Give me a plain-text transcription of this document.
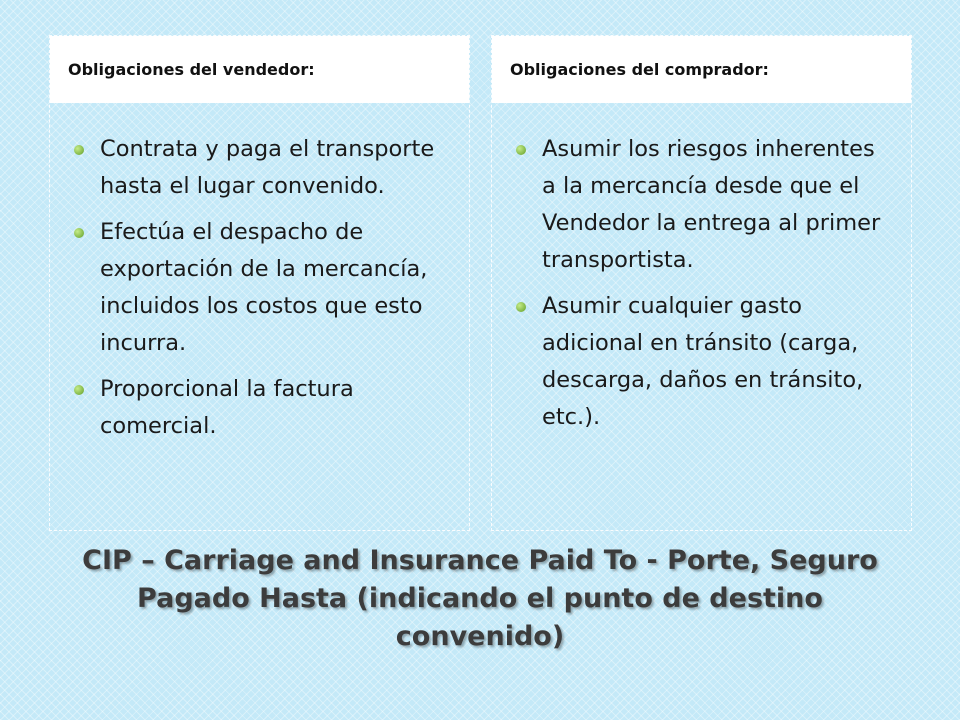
Obligaciones del vendedor:
Contrata y paga el transporte hasta el lugar convenido.
Efectúa el despacho de exportación de la mercancía, incluidos los costos que esto incurra.
Proporcional la factura comercial.
Obligaciones del comprador:
Asumir los riesgos inherentes a la mercancía desde que el Vendedor la entrega al primer transportista.
Asumir cualquier gasto adicional en tránsito (carga, descarga, daños en tránsito, etc.).
CIP – Carriage and Insurance Paid To - Porte, Seguro Pagado Hasta (indicando el punto de destino convenido)
